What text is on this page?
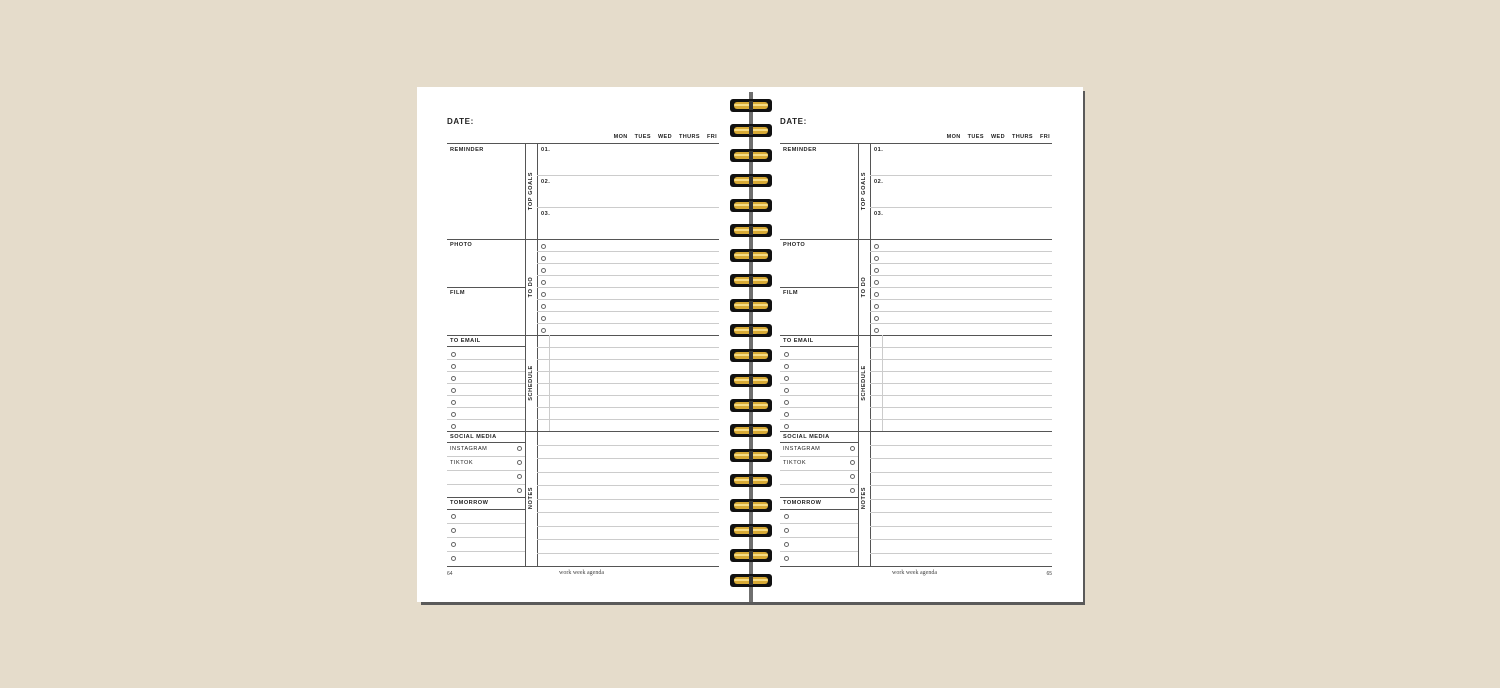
DATE:
MON TUES WED THURS FRI
REMINDER
PHOTO
FILM
TO EMAIL
SOCIAL MEDIA
INSTAGRAM
TIKTOK
TOMORROW
TOP GOALS
TO DO
SCHEDULE
NOTES
01.
02.
03.
64	work week agenda
DATE:
MON TUES WED THURS FRI
REMINDER
PHOTO
FILM
TO EMAIL
SOCIAL MEDIA
INSTAGRAM
TIKTOK
TOMORROW
TOP GOALS
TO DO
SCHEDULE
NOTES
01.
02.
03.
65
work week agenda
